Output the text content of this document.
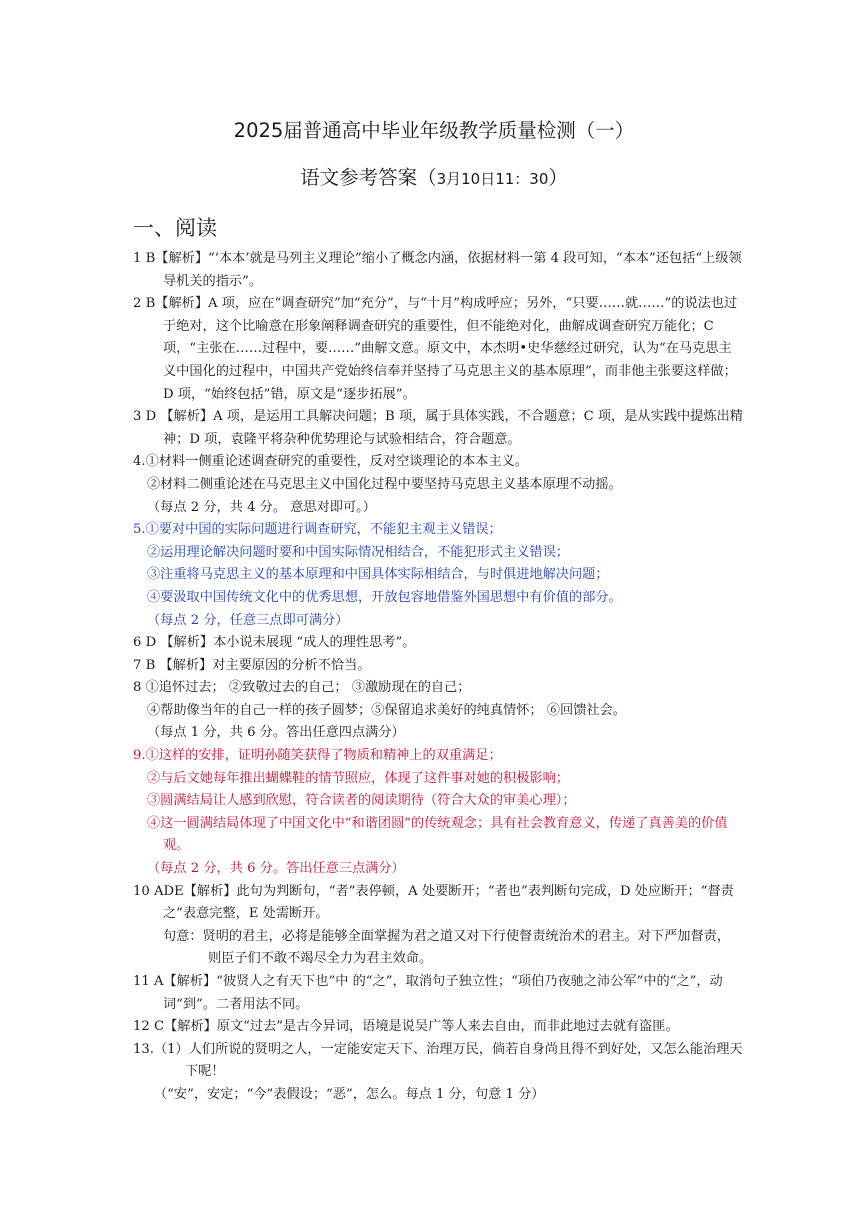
2025届普通高中毕业年级教学质量检测（一）
语文参考答案（3月10日11：30）
一、阅读

1 B【解析】“‘本本’就是马列主义理论”缩小了概念内涵，依据材料一第 4 段可知，“本本”还包括“上级领导机关的指示”。

2 B【解析】A 项，应在“调查研究”加“充分”，与“十月”构成呼应；另外，“只要……就……”的说法也过于绝对，这个比喻意在形象阐释调查研究的重要性，但不能绝对化，曲解成调查研究万能化；C 项，“主张在……过程中，要……”曲解文意。原文中，本杰明•史华慈经过研究，认为“在马克思主义中国化的过程中，中国共产党始终信奉并坚持了马克思主义的基本原理”，而非他主张要这样做；D 项，“始终包括”错，原文是“逐步拓展”。

3 D 【解析】A 项，是运用工具解决问题；B 项，属于具体实践，不合题意；C 项，是从实践中提炼出精神；D 项，袁隆平将杂种优势理论与试验相结合，符合题意。

4.①材料一侧重论述调查研究的重要性，反对空谈理论的本本主义。

②材料二侧重论述在马克思主义中国化过程中要坚持马克思主义基本原理不动摇。

（每点 2 分，共 4 分。 意思对即可。）

5.①要对中国的实际问题进行调查研究，不能犯主观主义错误；

②运用理论解决问题时要和中国实际情况相结合，不能犯形式主义错误；

③注重将马克思主义的基本原理和中国具体实际相结合，与时俱进地解决问题；

④要汲取中国传统文化中的优秀思想，开放包容地借鉴外国思想中有价值的部分。

（每点 2 分，任意三点即可满分）

6 D 【解析】本小说未展现 “成人的理性思考”。

7 B 【解析】对主要原因的分析不恰当。

8 ①追怀过去； ②致敬过去的自己； ③激励现在的自己；

④帮助像当年的自己一样的孩子圆梦；⑤保留追求美好的纯真情怀； ⑥回馈社会。

（每点 1 分，共 6 分。答出任意四点满分）

9.①这样的安排，证明孙随笑获得了物质和精神上的双重满足；

②与后文她每年推出蝴蝶鞋的情节照应，体现了这件事对她的积极影响；

③圆满结局让人感到欣慰，符合读者的阅读期待（符合大众的审美心理）；

④这一圆满结局体现了中国文化中“和谐团圆”的传统观念；具有社会教育意义，传递了真善美的价值观。

（每点 2 分，共 6 分。答出任意三点满分）

10 ADE【解析】此句为判断句，“者”表停顿，A 处要断开；“者也”表判断句完成，D 处应断开；“督责之”表意完整，E 处需断开。

句意：贤明的君主，必将是能够全面掌握为君之道又对下行使督责统治术的君主。对下严加督责，则臣子们不敢不竭尽全力为君主效命。

11 A【解析】“彼贤人之有天下也”中 的“之”，取消句子独立性；“项伯乃夜驰之沛公军”中的“之”，动词“到”。二者用法不同。

12 C【解析】原文“过去”是古今异词，语境是说吴广等人来去自由，而非此地过去就有盗匪。

13.（1）人们所说的贤明之人，一定能安定天下、治理万民，倘若自身尚且得不到好处，又怎么能治理天下呢！

（“安”，安定；“今”表假设；“恶”，怎么。每点 1 分，句意 1 分）
